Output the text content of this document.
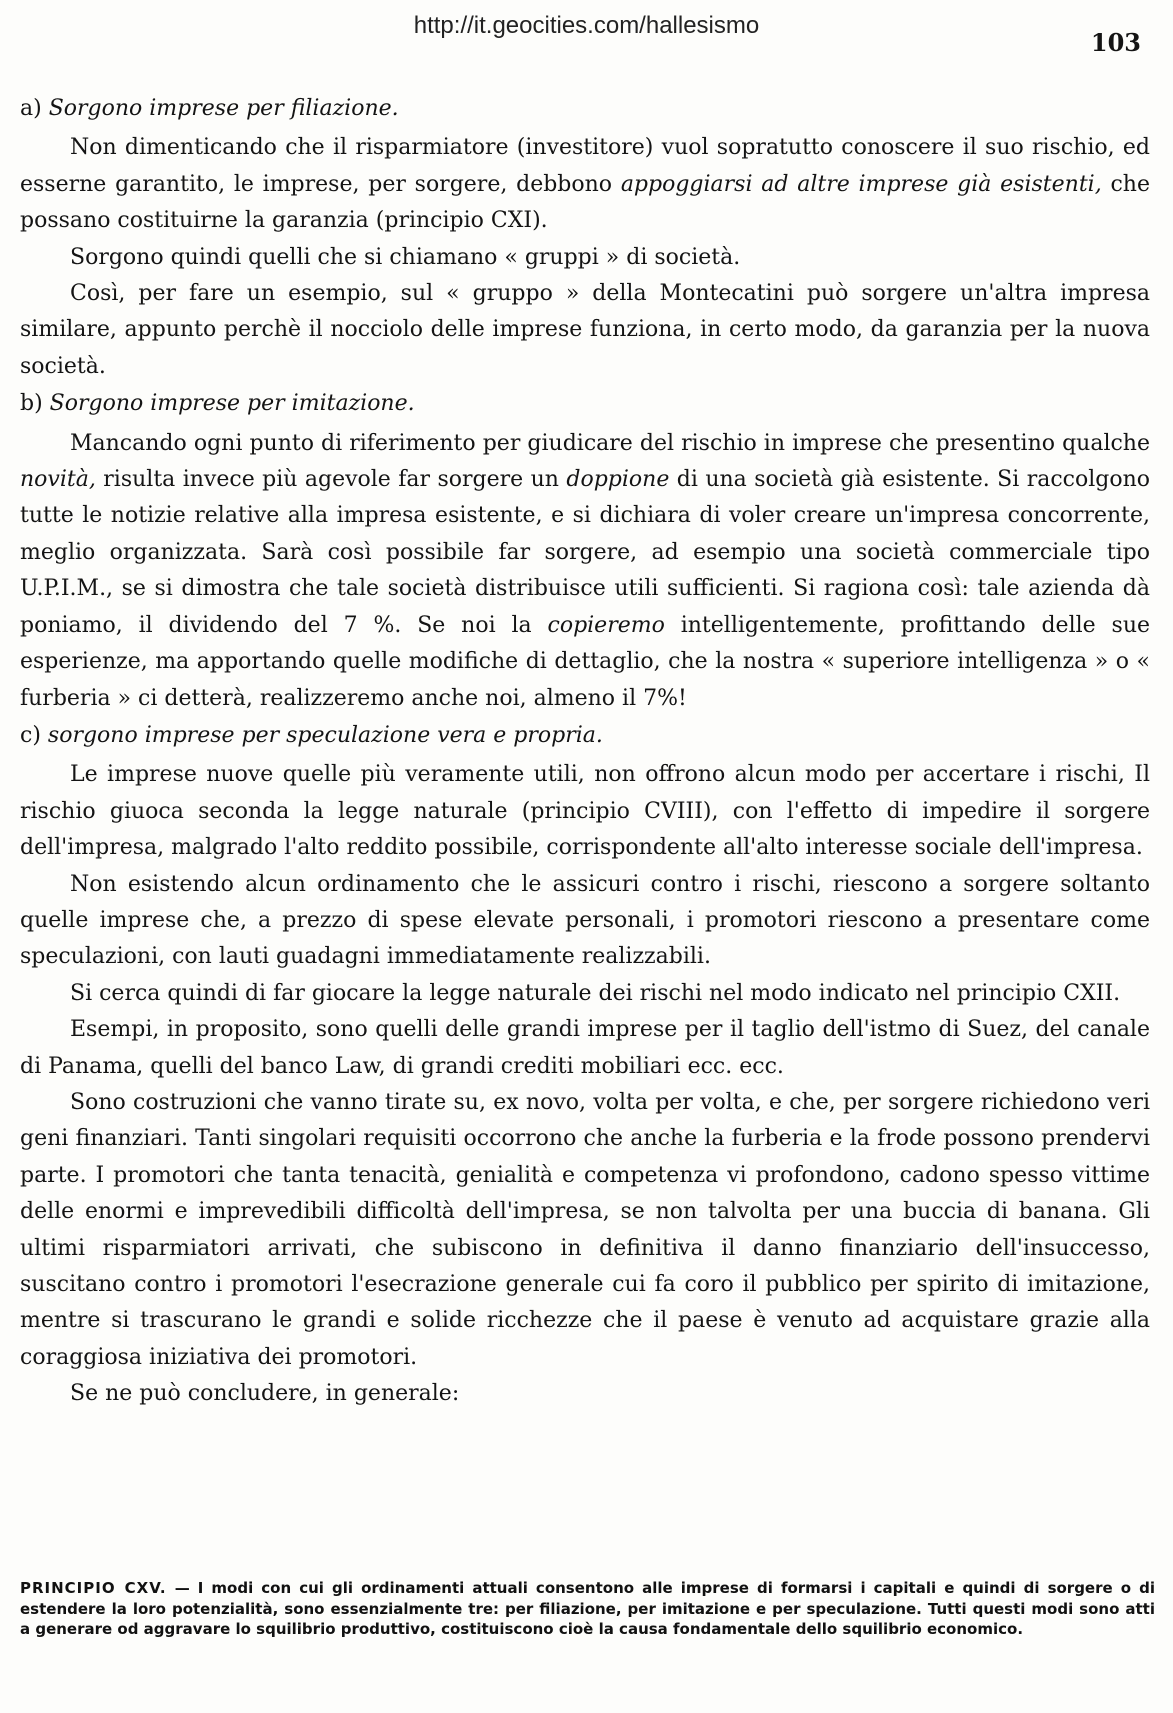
http://it.geocities.com/hallesismo
103

a) Sorgono imprese per filiazione.

Non dimenticando che il risparmiatore (investitore) vuol sopratutto conoscere il suo rischio, ed esserne garantito, le imprese, per sorgere, debbono appoggiarsi ad altre imprese già esistenti, che possano costituirne la garanzia (principio CXI).

Sorgono quindi quelli che si chiamano « gruppi » di società.

Così, per fare un esempio, sul « gruppo » della Montecatini può sorgere un'altra impresa similare, appunto perchè il nocciolo delle imprese funziona, in certo modo, da garanzia per la nuova società.

b) Sorgono imprese per imitazione.

Mancando ogni punto di riferimento per giudicare del rischio in imprese che presentino qualche novità, risulta invece più agevole far sorgere un doppione di una società già esistente. Si raccolgono tutte le notizie relative alla impresa esistente, e si dichiara di voler creare un'impresa concorrente, meglio organizzata. Sarà così possibile far sorgere, ad esempio una società commerciale tipo U.P.I.M., se si dimostra che tale società distribuisce utili sufficienti. Si ragiona così: tale azienda dà poniamo, il dividendo del 7 %. Se noi la copieremo intelligentemente, profittando delle sue esperienze, ma apportando quelle modifiche di dettaglio, che la nostra « superiore intelligenza » o « furberia » ci detterà, realizzeremo anche noi, almeno il 7%!

c) sorgono imprese per speculazione vera e propria.

Le imprese nuove quelle più veramente utili, non offrono alcun modo per accertare i rischi, Il rischio giuoca seconda la legge naturale (principio CVIII), con l'effetto di impedire il sorgere dell'impresa, malgrado l'alto reddito possibile, corrispondente all'alto interesse sociale dell'impresa.

Non esistendo alcun ordinamento che le assicuri contro i rischi, riescono a sorgere soltanto quelle imprese che, a prezzo di spese elevate personali, i promotori riescono a presentare come speculazioni, con lauti guadagni immediatamente realizzabili.

Si cerca quindi di far giocare la legge naturale dei rischi nel modo indicato nel principio CXII.

Esempi, in proposito, sono quelli delle grandi imprese per il taglio dell'istmo di Suez, del canale di Panama, quelli del banco Law, di grandi crediti mobiliari ecc. ecc.

Sono costruzioni che vanno tirate su, ex novo, volta per volta, e che, per sorgere richiedono veri geni finanziari. Tanti singolari requisiti occorrono che anche la furberia e la frode possono prendervi parte. I promotori che tanta tenacità, genialità e competenza vi profondono, cadono spesso vittime delle enormi e imprevedibili difficoltà dell'impresa, se non talvolta per una buccia di banana. Gli ultimi risparmiatori arrivati, che subiscono in definitiva il danno finanziario dell'insuccesso, suscitano contro i promotori l'esecrazione generale cui fa coro il pubblico per spirito di imitazione, mentre si trascurano le grandi e solide ricchezze che il paese è venuto ad acquistare grazie alla coraggiosa iniziativa dei promotori.

Se ne può concludere, in generale:

PRINCIPIO CXV. — I modi con cui gli ordinamenti attuali consentono alle imprese di formarsi i capitali e quindi di sorgere o di estendere la loro potenzialità, sono essenzialmente tre: per filiazione, per imitazione e per speculazione. Tutti questi modi sono atti a generare od aggravare lo squilibrio produttivo, costituiscono cioè la causa fondamentale dello squilibrio economico.
